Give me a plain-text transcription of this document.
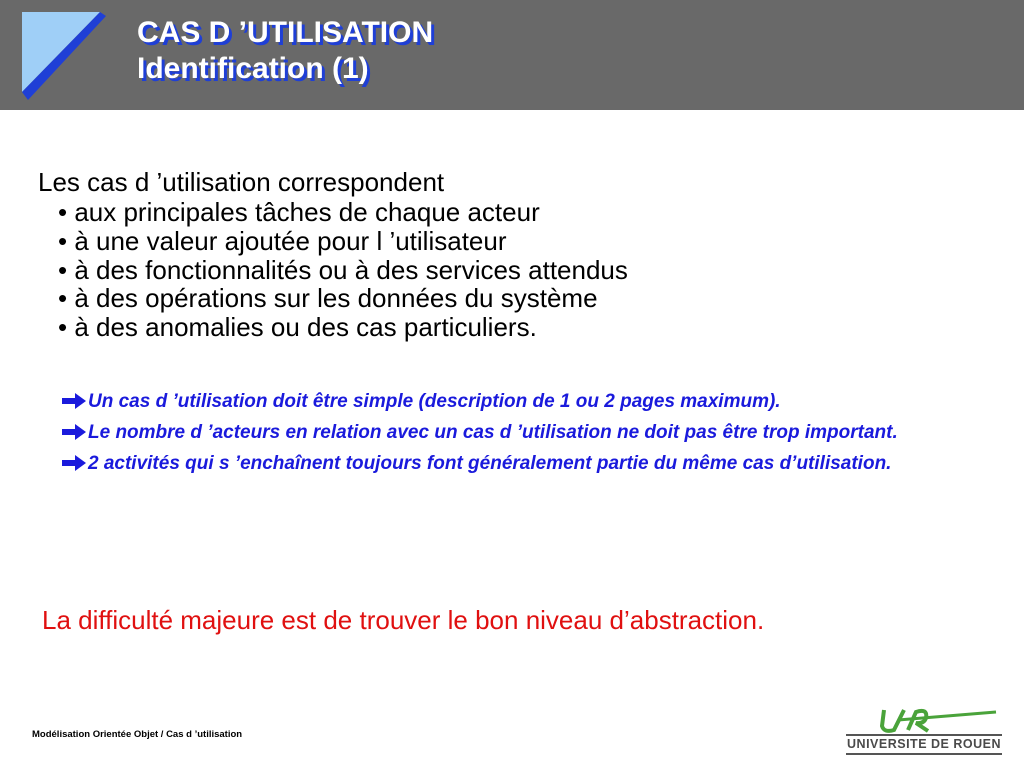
CAS D ’UTILISATION
Identification (1)
Les cas d ’utilisation correspondent
• aux principales tâches de chaque acteur
• à une valeur ajoutée pour l ’utilisateur
• à des fonctionnalités ou à des services attendus
• à des opérations sur les données du système
• à des anomalies ou des cas particuliers.

Un cas d ’utilisation doit être simple (description de 1 ou 2 pages maximum).

Le nombre d ’acteurs en relation avec un cas d ’utilisation ne doit pas être trop important.

2 activités qui s ’enchaînent toujours font généralement partie du même cas d’utilisation.

La difficulté majeure est de trouver le bon niveau d’abstraction.
Modélisation Orientée Objet / Cas d ’utilisation
UNIVERSITE DE ROUEN
